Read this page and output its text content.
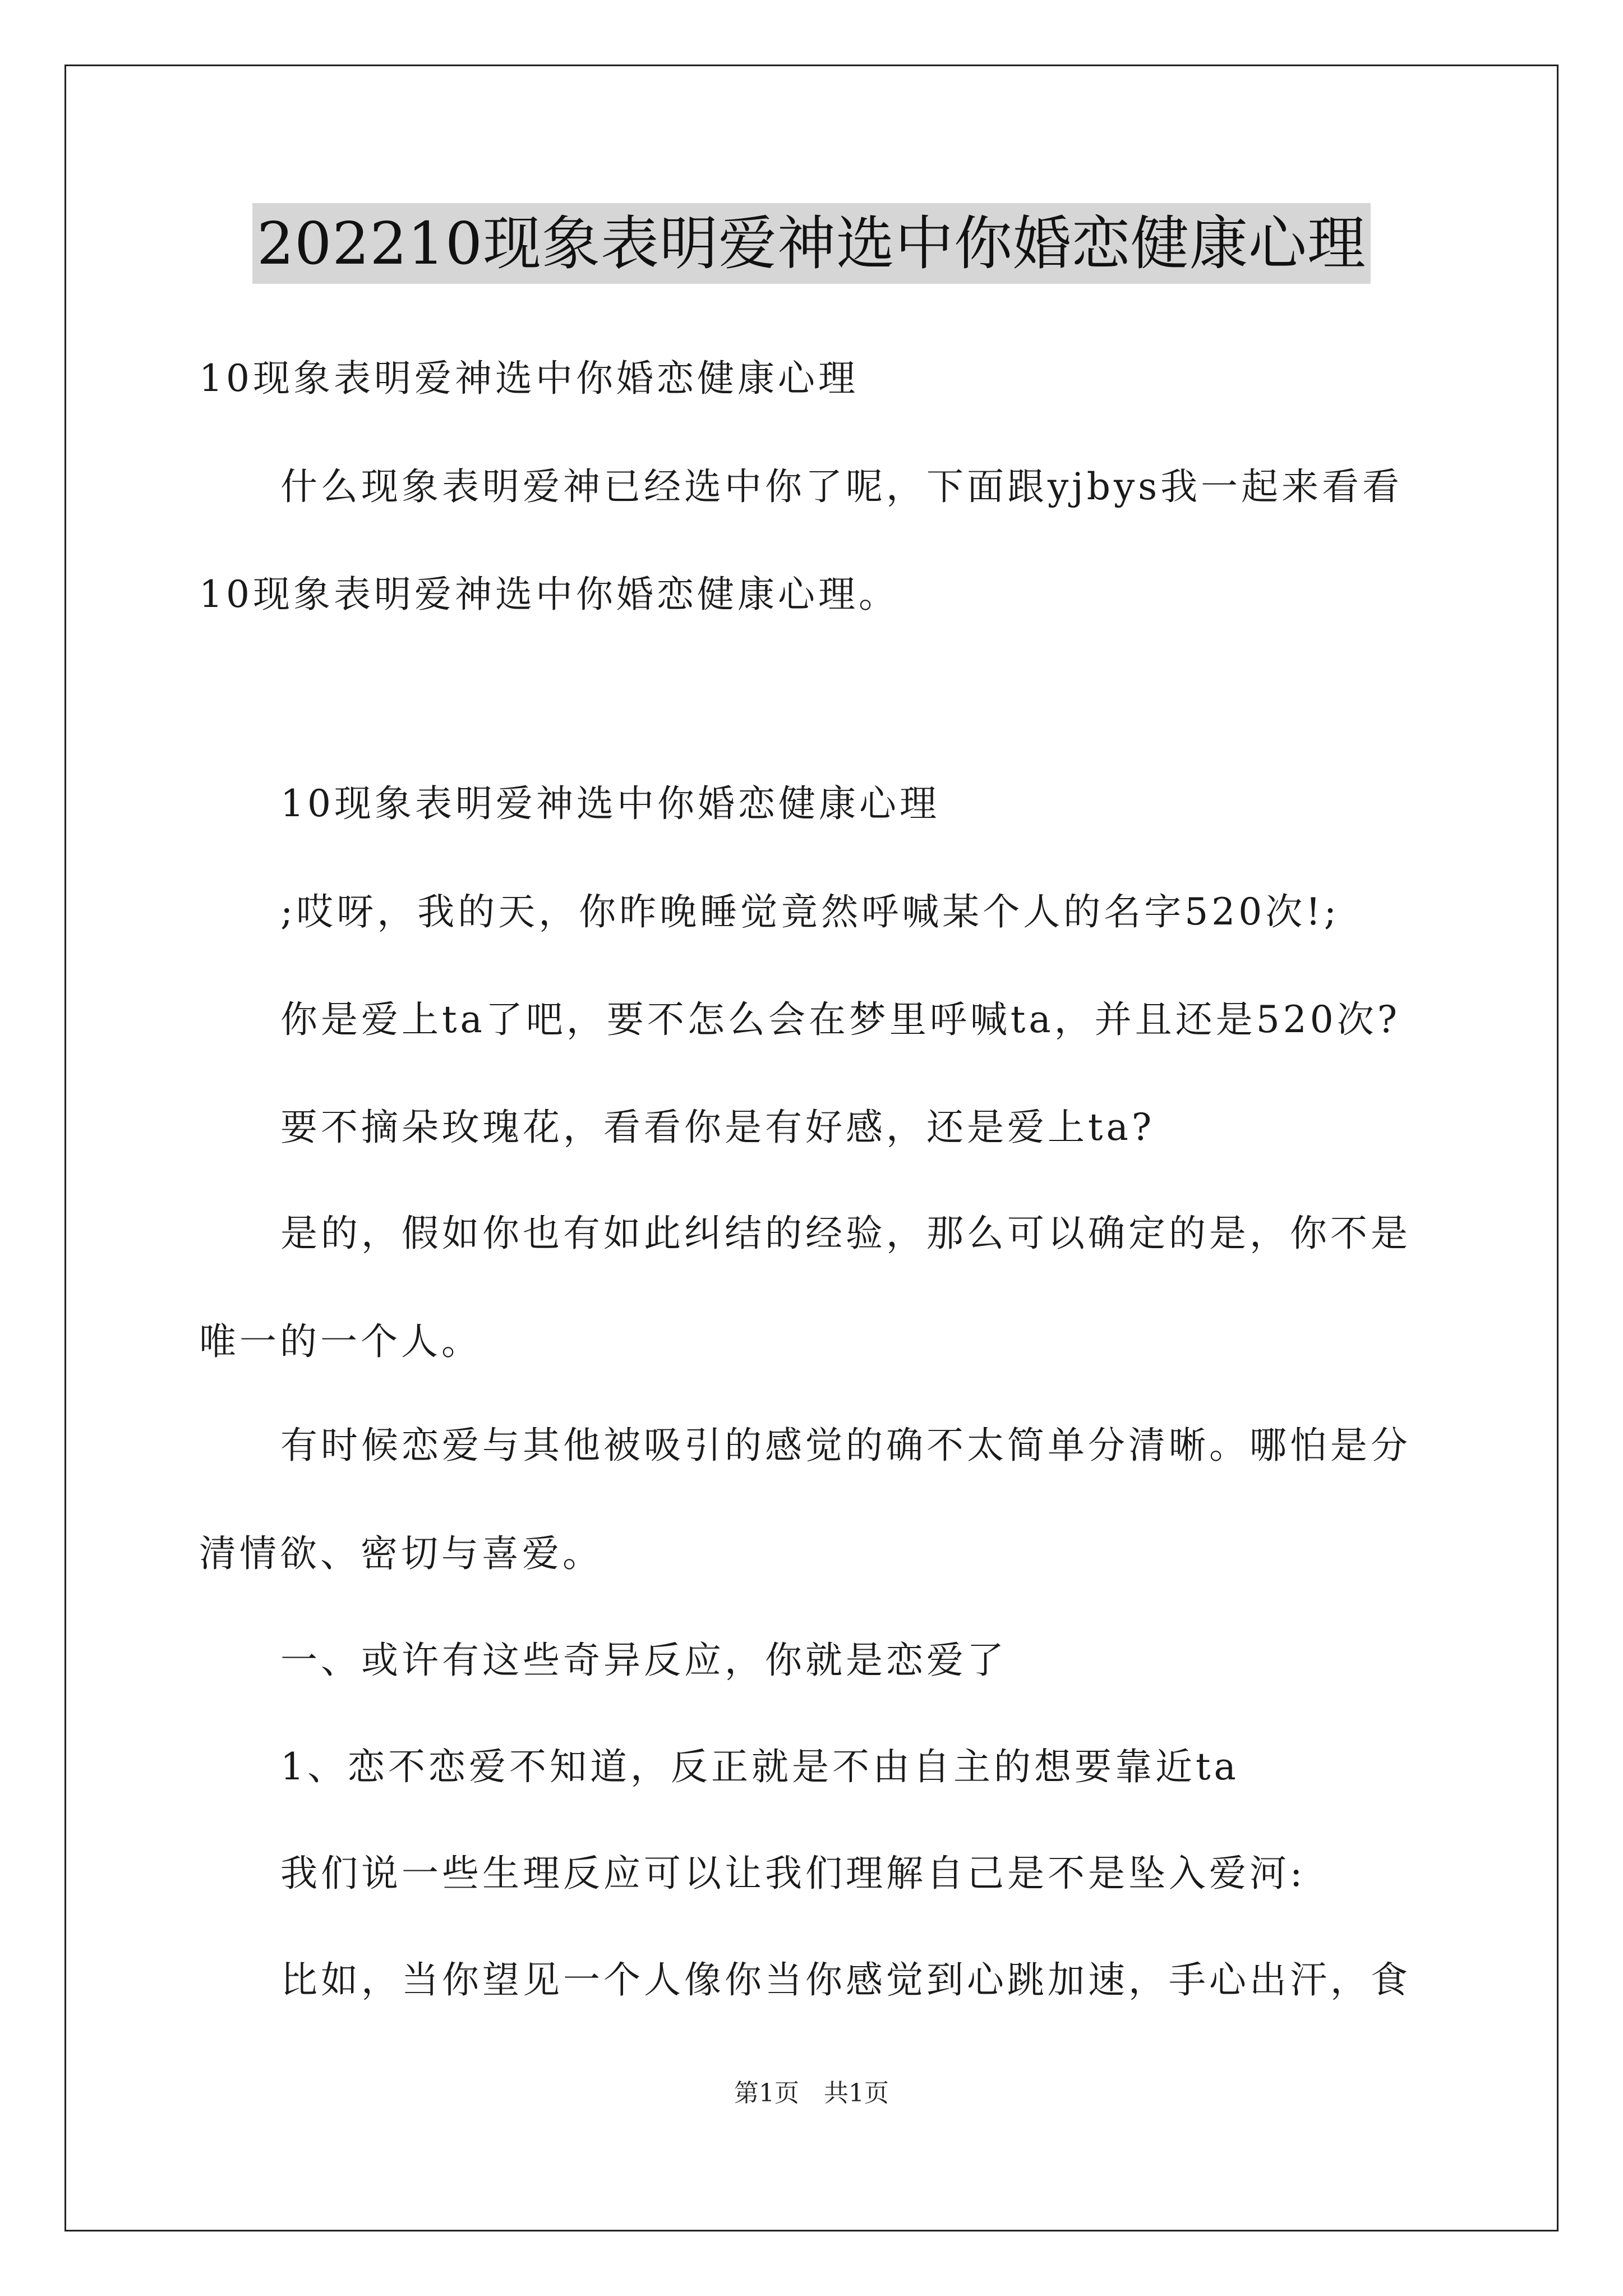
202210现象表明爱神选中你婚恋健康心理
10现象表明爱神选中你婚恋健康心理
什么现象表明爱神已经选中你了呢，下面跟yjbys我一起来看看
10现象表明爱神选中你婚恋健康心理。
10现象表明爱神选中你婚恋健康心理
;哎呀，我的天，你昨晚睡觉竟然呼喊某个人的名字520次!;
你是爱上ta了吧，要不怎么会在梦里呼喊ta，并且还是520次?
要不摘朵玫瑰花，看看你是有好感，还是爱上ta?
是的，假如你也有如此纠结的经验，那么可以确定的是，你不是
唯一的一个人。
有时候恋爱与其他被吸引的感觉的确不太简单分清晰。哪怕是分
清情欲、密切与喜爱。
一、或许有这些奇异反应，你就是恋爱了
1、恋不恋爱不知道，反正就是不由自主的想要靠近ta
我们说一些生理反应可以让我们理解自己是不是坠入爱河:
比如，当你望见一个人像你当你感觉到心跳加速，手心出汗，食
第1页　共1页
